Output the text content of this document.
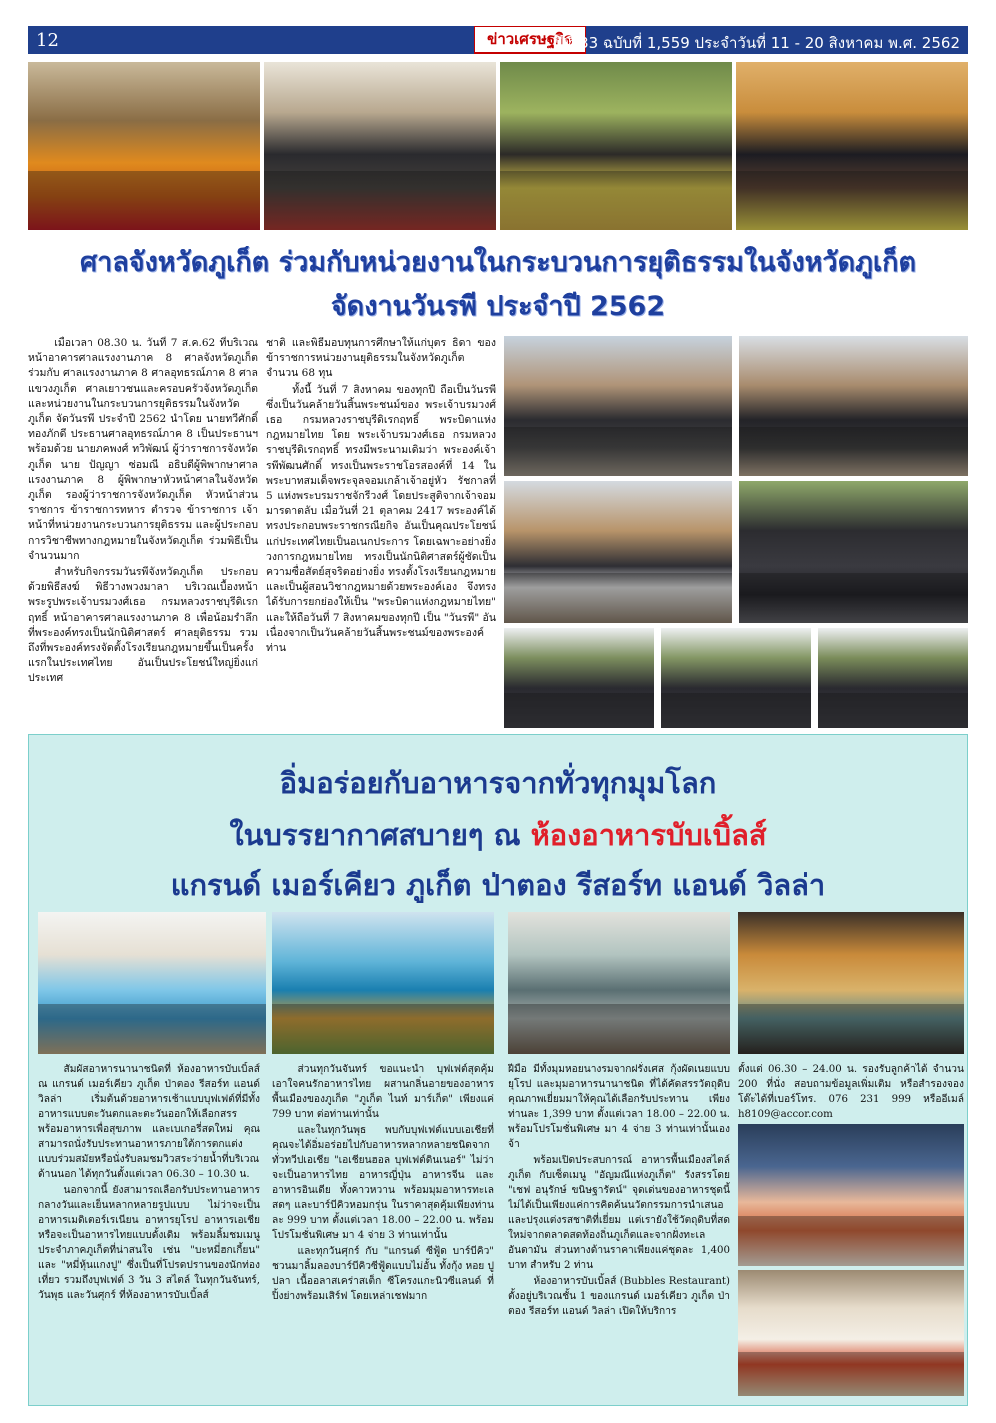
12	ข่าวเศรษฐกิจ
ปีที่ 33 ฉบับที่ 1,559 ประจำวันที่ 11 - 20 สิงหาคม พ.ศ. 2562
ศาลจังหวัดภูเก็ต ร่วมกับหน่วยงานในกระบวนการยุติธรรมในจังหวัดภูเก็ต
จัดงานวันรพี ประจำปี 2562

เมื่อเวลา 08.30 น. วันที่ 7 ส.ค.62 ที่บริเวณหน้าอาคารศาลแรงงานภาค 8 ศาลจังหวัดภูเก็ต ร่วมกับ ศาลแรงงานภาค 8 ศาลอุทธรณ์ภาค 8 ศาลแขวงภูเก็ต ศาลเยาวชนและครอบครัวจังหวัดภูเก็ต และหน่วยงานในกระบวนการยุติธรรมในจังหวัดภูเก็ต จัดวันรพี ประจำปี 2562 นำโดย นายทวีศักดิ์ ทองภักดี ประธานศาลอุทธรณ์ภาค 8 เป็นประธานฯ พร้อมด้วย นายภคพงศ์ ทวิพัฒน์ ผู้ว่าราชการจังหวัดภูเก็ต นาย ปัญญา ซ่อมณี อธิบดีผู้พิพากษาศาลแรงงานภาค 8 ผู้พิพากษาหัวหน้าศาลในจังหวัดภูเก็ต รองผู้ว่าราชการจังหวัดภูเก็ต หัวหน้าส่วนราชการ ข้าราชการทหาร ตำรวจ ข้าราชการ เจ้าหน้าที่หน่วยงานกระบวนการยุติธรรม และผู้ประกอบการวิชาชีพทางกฎหมายในจังหวัดภูเก็ต ร่วมพิธีเป็นจำนวนมาก

สำหรับกิจกรรมวันรพีจังหวัดภูเก็ต ประกอบด้วยพิธีสงฆ์ พิธีวางพวงมาลา บริเวณเบื้องหน้าพระรูปพระเจ้าบรมวงศ์เธอ กรมหลวงราชบุรีดิเรกฤทธิ์ หน้าอาคารศาลแรงงานภาค 8 เพื่อน้อมรำลึกที่พระองค์ทรงเป็นนักนิติศาสตร์ ศาลยุติธรรม รวมถึงที่พระองค์ทรงจัดตั้งโรงเรียนกฎหมายขึ้นเป็นครั้งแรกในประเทศไทย อันเป็นประโยชน์ใหญ่ยิ่งแก่ประเทศ

ชาติ และพิธีมอบทุนการศึกษาให้แก่บุตร ธิดา ของข้าราชการหน่วยงานยุติธรรมในจังหวัดภูเก็ต จำนวน 68 ทุน

ทั้งนี้ วันที่ 7 สิงหาคม ของทุกปี ถือเป็นวันรพี ซึ่งเป็นวันคล้ายวันสิ้นพระชนม์ของ พระเจ้าบรมวงศ์เธอ กรมหลวงราชบุรีดิเรกฤทธิ์ พระบิดาแห่งกฎหมายไทย โดย พระเจ้าบรมวงศ์เธอ กรมหลวงราชบุรีดิเรกฤทธิ์ ทรงมีพระนามเดิมว่า พระองค์เจ้ารพีพัฒนศักดิ์ ทรงเป็นพระราชโอรสองค์ที่ 14 ในพระบาทสมเด็จพระจุลจอมเกล้าเจ้าอยู่หัว รัชกาลที่ 5 แห่งพระบรมราชจักรีวงศ์ โดยประสูติจากเจ้าจอมมารดาตลับ เมื่อวันที่ 21 ตุลาคม 2417 พระองค์ได้ทรงประกอบพระราชกรณียกิจ อันเป็นคุณประโยชน์แก่ประเทศไทยเป็นอเนกประการ โดยเฉพาะอย่างยิ่งวงการกฎหมายไทย ทรงเป็นนักนิติศาสตร์ผู้ชัดเป็นความซื่อสัตย์สุจริตอย่างยิ่ง ทรงตั้งโรงเรียนกฎหมายและเป็นผู้สอนวิชากฎหมายด้วยพระองค์เอง จึงทรงได้รับการยกย่องให้เป็น "พระบิดาแห่งกฎหมายไทย" และให้ถือวันที่ 7 สิงหาคมของทุกปี เป็น "วันรพี" อันเนื่องจากเป็นวันคล้ายวันสิ้นพระชนม์ของพระองค์ท่าน

อิ่มอร่อยกับอาหารจากทั่วทุกมุมโลก
ในบรรยากาศสบายๆ ณ ห้องอาหารบับเบิ้ลส์
แกรนด์ เมอร์เคียว ภูเก็ต ป่าตอง รีสอร์ท แอนด์ วิลล่า

สัมผัสอาหารนานาชนิดที่ ห้องอาหารบับเบิ้ลส์ ณ แกรนด์ เมอร์เคียว ภูเก็ต ป่าตอง รีสอร์ท แอนด์ วิลล่า เริ่มต้นด้วยอาหารเช้าแบบบุฟเฟต์ที่มีทั้งอาหารแบบตะวันตกและตะวันออกให้เลือกสรรพร้อมอาหารเพื่อสุขภาพ และเบเกอรี่สดใหม่ คุณสามารถนั่งรับประทานอาหารภายใต้การตกแต่งแบบร่วมสมัยหรือนั่งรับลมชมวิวสระว่ายน้ำที่บริเวณด้านนอก ได้ทุกวันตั้งแต่เวลา 06.30 – 10.30 น.

นอกจากนี้ ยังสามารถเลือกรับประทานอาหารกลางวันและเย็นหลากหลายรูปแบบ ไม่ว่าจะเป็นอาหารเมดิเตอร์เรเนียน อาหารยุโรป อาหารเอเชีย หรือจะเป็นอาหารไทยแบบดั้งเดิม พร้อมลิ้มชมเมนูประจำภาคภูเก็ตที่น่าสนใจ เช่น "บะหมี่ฮกเกี้ยน" และ "หมี่หุ้นแกงปู" ซึ่งเป็นที่โปรดปรานของนักท่องเที่ยว รวมถึงบุฟเฟต์ 3 วัน 3 สไตล์ ในทุกวันจันทร์, วันพุธ และวันศุกร์ ที่ห้องอาหารบับเบิ้ลส์

ส่วนทุกวันจันทร์ ขอแนะนำ บุฟเฟต์สุดคุ้มเอาใจคนรักอาหารไทย ผสานกลิ่นอายของอาหารพื้นเมืองของภูเก็ต "ภูเก็ต ไนท์ มาร์เก็ต" เพียงแค่ 799 บาท ต่อท่านเท่านั้น

และในทุกวันพุธ พบกับบุฟเฟต์แบบเอเชียที่คุณจะได้อิ่มอร่อยไปกับอาหารหลากหลายชนิดจากทั่วทวีปเอเชีย "เอเชียนฮอล บุฟเฟต์ดินเนอร์" ไม่ว่าจะเป็นอาหารไทย อาหารญี่ปุ่น อาหารจีน และอาหารอินเดีย ทั้งคาวหวาน พร้อมมุมอาหารทะเลสดๆ และบาร์บีคิวหอมกรุ่น ในราคาสุดคุ้มเพียงท่านละ 999 บาท ตั้งแต่เวลา 18.00 – 22.00 น. พร้อมโปรโมชั่นพิเศษ มา 4 จ่าย 3 ท่านเท่านั้น

และทุกวันศุกร์ กับ "แกรนด์ ซีฟู้ด บาร์บีคิว" ชวนมาลิ้มลองบาร์บีคิวซีฟู้ดแบบไม่อั้น ทั้งกุ้ง หอย ปู ปลา เนื้ออลาสเคร่าสเต็ก ซีโครงแกะนิวซีแลนด์ ที่ปิ้งย่างพร้อมเสิร์ฟ โดยเหล่าเชฟมาก

ฝีมือ มีทั้งมุมหอยนางรมจากฝรั่งเศส กุ้งผัดเนยแบบยุโรป และมุมอาหารนานาชนิด ที่ได้คัดสรรวัตถุดิบคุณภาพเยี่ยมมาให้คุณได้เลือกรับประทาน เพียงท่านละ 1,399 บาท ตั้งแต่เวลา 18.00 – 22.00 น. พร้อมโปรโมชั่นพิเศษ มา 4 จ่าย 3 ท่านเท่านั้นเองจ้า

พร้อมเปิดประสบการณ์ อาหารพื้นเมืองสไตล์ภูเก็ต กับเซ็ตเมนู "อัญมณีแห่งภูเก็ต" รังสรรโดย "เชฟ อนุรักษ์ ขนิษฐารัตน์" จุดเด่นของอาหารชุดนี้ไม่ได้เป็นเพียงแค่การคิดค้นนวัตกรรมการนำเสนอและปรุงแต่งรสชาติที่เยี่ยม แต่เรายังใช้วัตถุดิบที่สดใหม่จากตลาดสดท้องถิ่นภูเก็ตและจากฝั่งทะเลอันดามัน ส่วนทางด้านราคาเพียงแค่ชุดละ 1,400 บาท สำหรับ 2 ท่าน

ห้องอาหารบับเบิ้ลส์ (Bubbles Restaurant) ตั้งอยู่บริเวณชั้น 1 ของแกรนด์ เมอร์เคียว ภูเก็ต ป่าตอง รีสอร์ท แอนด์ วิลล่า เปิดให้บริการ

ตั้งแต่ 06.30 – 24.00 น. รองรับลูกค้าได้ จำนวน 200 ที่นั่ง สอบถามข้อมูลเพิ่มเติม หรือสำรองจองโต๊ะได้ที่เบอร์โทร. 076 231 999 หรืออีเมล์ h8109@accor.com
